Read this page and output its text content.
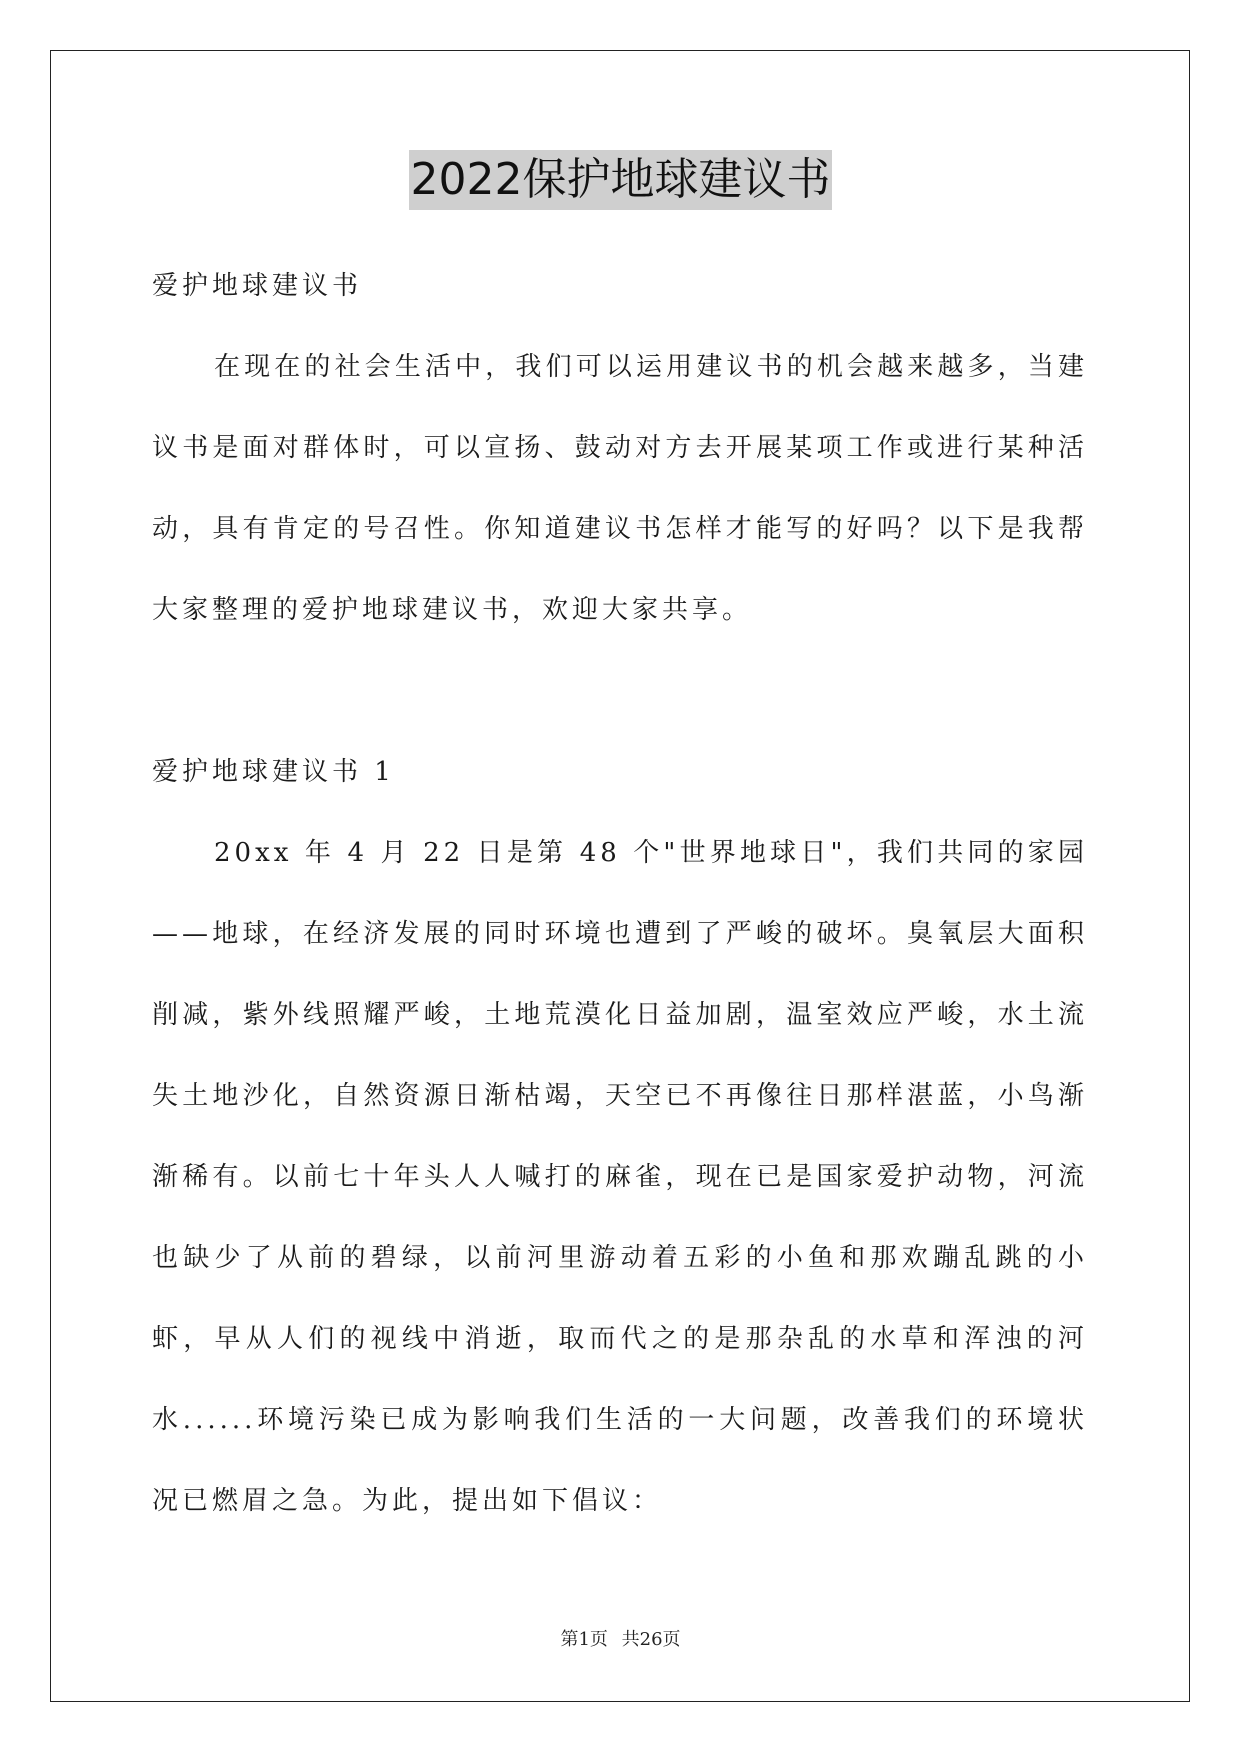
2022保护地球建议书

爱护地球建议书

在现在的社会生活中，我们可以运用建议书的机会越来越多，当建议书是面对群体时，可以宣扬、鼓动对方去开展某项工作或进行某种活动，具有肯定的号召性。你知道建议书怎样才能写的好吗？以下是我帮大家整理的爱护地球建议书，欢迎大家共享。

爱护地球建议书 1

20xx 年 4 月 22 日是第 48 个"世界地球日"，我们共同的家园——地球，在经济发展的同时环境也遭到了严峻的破坏。臭氧层大面积削减，紫外线照耀严峻，土地荒漠化日益加剧，温室效应严峻，水土流失土地沙化，自然资源日渐枯竭，天空已不再像往日那样湛蓝，小鸟渐渐稀有。以前七十年头人人喊打的麻雀，现在已是国家爱护动物，河流也缺少了从前的碧绿，以前河里游动着五彩的小鱼和那欢蹦乱跳的小虾，早从人们的视线中消逝，取而代之的是那杂乱的水草和浑浊的河水......环境污染已成为影响我们生活的一大问题，改善我们的环境状况已燃眉之急。为此，提出如下倡议：

第1页 共26页
